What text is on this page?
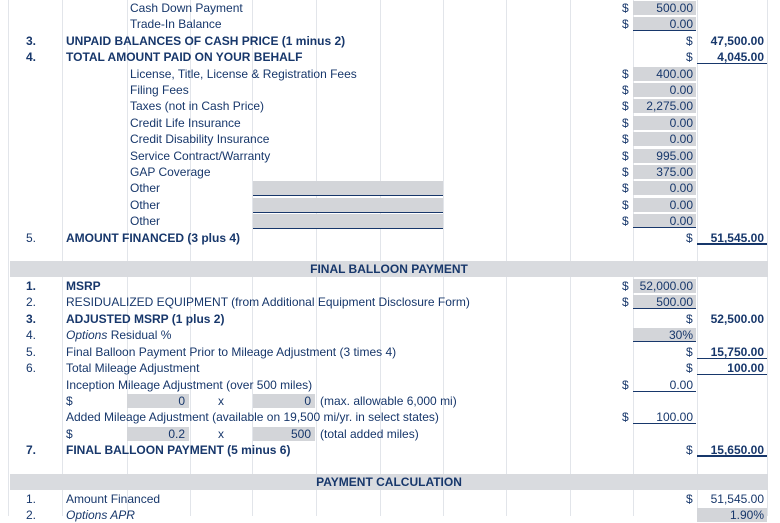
Cash Down Payment	$	500.00
Trade-In Balance	$	0.00
3.	UNPAID BALANCES OF CASH PRICE (1 minus 2)	$	47,500.00
4.	TOTAL AMOUNT PAID ON YOUR BEHALF	$	4,045.00
License, Title, License & Registration Fees	$	400.00
Filing Fees	$	0.00
Taxes (not in Cash Price)	$	2,275.00
Credit Life Insurance	$	0.00
Credit Disability Insurance	$	0.00
Service Contract/Warranty	$	995.00
GAP Coverage	$	375.00
Other	$	0.00
Other	$	0.00
Other	$	0.00
5.	AMOUNT FINANCED (3 plus 4)	$	51,545.00
FINAL BALLOON PAYMENT
1.	MSRP	$ 52,000.00
2.	RESIDUALIZED EQUIPMENT (from Additional Equipment Disclosure Form)	$	500.00
3.	ADJUSTED MSRP (1 plus 2)	$	52,500.00
4.	Options Residual %	30%
5.	Final Balloon Payment Prior to Mileage Adjustment (3 times 4)	$	15,750.00
6.	Total Mileage Adjustment	$	100.00
Inception Mileage Adjustment (over 500 miles)	$	0.00
$	0	x	0 (max. allowable 6,000 mi)
Added Mileage Adjustment (available on 19,500 mi/yr. in select states)	$	100.00
$	0.2	x	500 (total added miles)
7.	FINAL BALLOON PAYMENT (5 minus 6)	$	15,650.00
PAYMENT CALCULATION
1.	Amount Financed	$	51,545.00
2.	Options APR	1.90%
